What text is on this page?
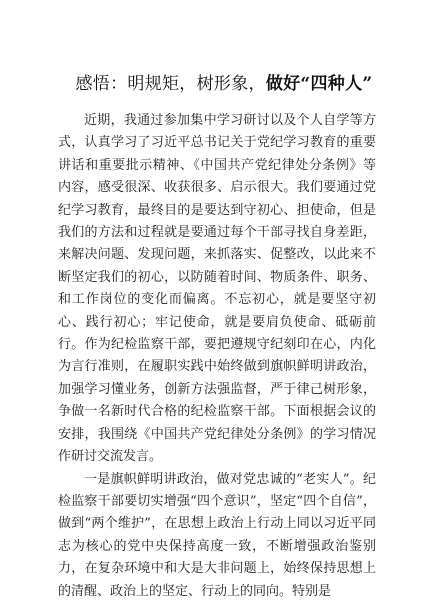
感悟：明规矩，树形象，做好“四种人”

近期，我通过参加集中学习研讨以及个人自学等方式，认真学习了习近平总书记关于党纪学习教育的重要讲话和重要批示精神、《中国共产党纪律处分条例》等内容，感受很深、收获很多、启示很大。我们要通过党纪学习教育，最终目的是要达到守初心、担使命，但是我们的方法和过程就是要通过每个干部寻找自身差距，来解决问题、发现问题，来抓落实、促整改，以此来不断坚定我们的初心，以防随着时间、物质条件、职务、和工作岗位的变化而偏离。不忘初心，就是要坚守初心、践行初心；牢记使命，就是要肩负使命、砥砺前行。作为纪检监察干部，要把遵规守纪刻印在心，内化为言行准则，在履职实践中始终做到旗帜鲜明讲政治，加强学习懂业务，创新方法强监督，严于律己树形象，争做一名新时代合格的纪检监察干部。下面根据会议的安排，我围绕《中国共产党纪律处分条例》的学习情况作研讨交流发言。

一是旗帜鲜明讲政治，做对党忠诚的“老实人”。纪检监察干部要切实增强“四个意识”，坚定“四个自信”，做到“两个维护”，在思想上政治上行动上同以习近平同志为核心的党中央保持高度一致，不断增强政治鉴别力，在复杂环境中和大是大非问题上，始终保持思想上的清醒、政治上的坚定、行动上的同向。特别是
